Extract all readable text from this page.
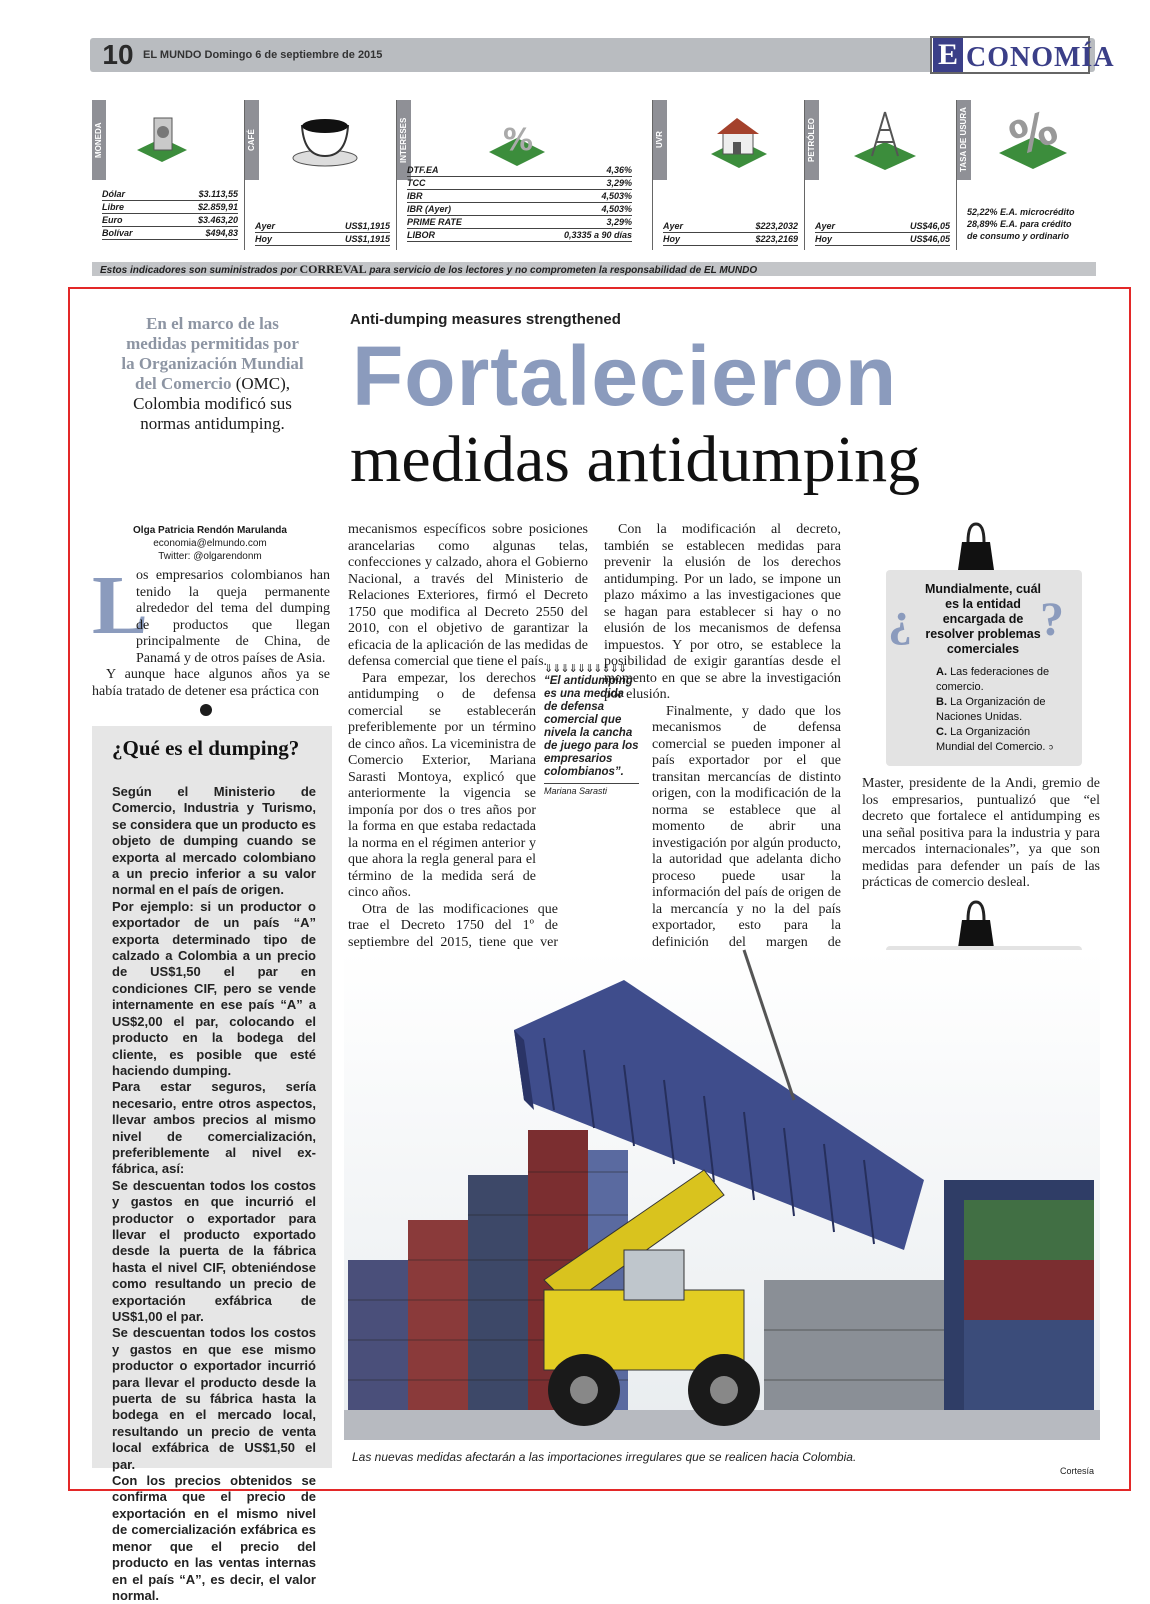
10 EL MUNDO Domingo 6 de septiembre de 2015	E CONOMÍA
MONEDA
Dólar	$3.113,55
Libre	$2.859,91
Euro	$3.463,20
Bolívar	$494,83
CAFÉ
Ayer	US$1,1915
Hoy	US$1,1915
INTERESES	%
DTF.EA	4,36%
TCC	3,29%
IBR	4,503%
IBR (Ayer)	4,503%
PRIME RATE	3,29%
LIBOR	0,3335 a 90 días
UVR
Ayer	$223,2032
Hoy	$223,2169
PETRÓLEO
Ayer	US$46,05
Hoy	US$46,05
TASA DE USURA %
52,22% E.A. microcrédito
28,89% E.A. para crédito
de consumo y ordinario
Estos indicadores son suministrados por CORREVAL para servicio de los lectores y no comprometen la responsabilidad de EL MUNDO
En el marco de las medidas permitidas por la Organización Mundial del Comercio (OMC), Colombia modificó sus normas antidumping.
Anti-dumping measures strengthened
Fortalecieron
medidas antidumping
Olga Patricia Rendón Marulanda
economia@elmundo.com
Twitter: @olgarendonm
L
os empresarios colombianos han tenido la queja permanente alrededor del tema del dumping de productos que llegan principalmente de China, de Panamá y de otros países de Asia.

Y aunque hace algunos años ya se había tratado de detener esa práctica con

¿Qué es el dumping?
Según el Ministerio de Comercio, Industria y Turismo, se considera que un producto es objeto de dumping cuando se exporta al mercado colombiano a un precio inferior a su valor normal en el país de origen.
Por ejemplo: si un productor o exportador de un país “A” exporta determinado tipo de calzado a Colombia a un precio de US$1,50 el par en condiciones CIF, pero se vende internamente en ese país “A” a US$2,00 el par, colocando el producto en la bodega del cliente, es posible que esté haciendo dumping.
Para estar seguros, sería necesario, entre otros aspectos, llevar ambos precios al mismo nivel de comercialización, preferiblemente al nivel ex-fábrica, así:
Se descuentan todos los costos y gastos en que incurrió el productor o exportador para llevar el producto exportado desde la puerta de la fábrica hasta el nivel CIF, obteniéndose como resultando un precio de exportación exfábrica de US$1,00 el par.
Se descuentan todos los costos y gastos en que ese mismo productor o exportador incurrió para llevar el producto desde la puerta de su fábrica hasta la bodega en el mercado local, resultando un precio de venta local exfábrica de US$1,50 el par.
Con los precios obtenidos se confirma que el precio de exportación en el mismo nivel de comercialización exfábrica es menor que el precio del producto en las ventas internas en el país “A”, es decir, el valor normal.
mecanismos específicos sobre posiciones arancelarias como algunas telas, confecciones y calzado, ahora el Gobierno Nacional, a través del Ministerio de Relaciones Exteriores, firmó el Decreto 1750 que modifica al Decreto 2550 del 2010, con el objetivo de garantizar la eficacia de la aplicación de las medidas de defensa comercial que tiene el país.

Para empezar, los derechos antidumping o de defensa comercial se establecerán preferiblemente por un término de cinco años. La viceministra de Comercio Exterior, Mariana Sarasti Montoya, explicó que anteriormente la vigencia se imponía por dos o tres años por la forma en que estaba redactada la norma en el régimen anterior y que ahora la regla general para el término de la medida será de cinco años.

Otra de las modificaciones que trae el Decreto 1750 del 1º de septiembre del 2015, tiene que ver

⇓⇓⇓⇓⇓⇓⇓⇓⇓⇓
“El antidumping es una medida de defensa comercial que nivela la cancha de juego para los empresarios colombianos”.
Mariana Sarasti

Con la modificación al decreto, también se establecen medidas para prevenir la elusión de los derechos antidumping. Por un lado, se impone un plazo máximo a las investigaciones que se hagan para establecer si hay o no elusión de los mecanismos de defensa impuestos. Y por otro, se establece la posibilidad de exigir garantías desde el momento en que se abre la investigación por elusión.

Finalmente, y dado que los mecanismos de defensa comercial se pueden imponer al país exportador por el que transitan mercancías de distinto origen, con la modificación de la norma se establece que al momento de abrir una investigación por algún producto, la autoridad que adelanta dicho proceso puede usar la información del país de origen de la mercancía y no la del país exportador, esto para la definición del margen de

¿	?
Mundialmente, cuál es la entidad encargada de resolver problemas comerciales
A. Las federaciones de comercio.
B. La Organización de Naciones Unidas.
C. La Organización Mundial del Comercio. c
Master, presidente de la Andi, gremio de los empresarios, puntualizó que “el decreto que fortalece el antidumping es una señal positiva para la industria y para mercados internacionales”, ya que son medidas para defender un país de las prácticas de comercio desleal.
Las nuevas medidas afectarán a las importaciones irregulares que se realicen hacia Colombia.
Cortesía
